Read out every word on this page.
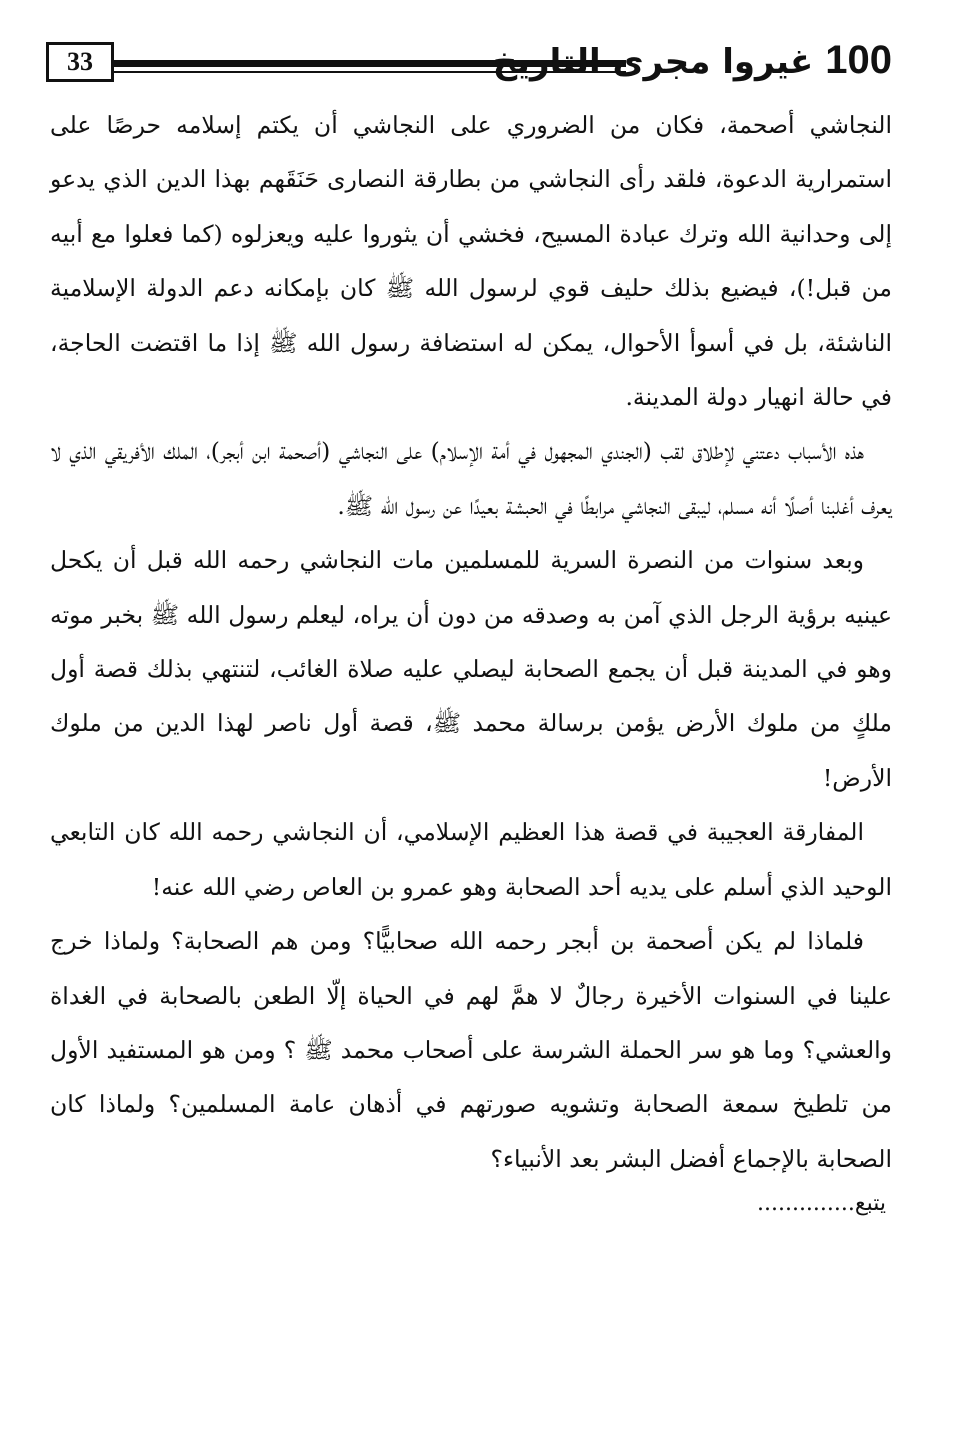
33	100غيروا مجرى التاريخ

النجاشي أصحمة، فكان من الضروري على النجاشي أن يكتم إسلامه حرصًا على استمرارية الدعوة، فلقد رأى النجاشي من بطارقة النصارى حَنَقَهم بهذا الدين الذي يدعو إلى وحدانية الله وترك عبادة المسيح، فخشي أن يثوروا عليه ويعزلوه (كما فعلوا مع أبيه من قبل!)، فيضيع بذلك حليف قوي لرسول الله ﷺ كان بإمكانه دعم الدولة الإسلامية الناشئة، بل في أسوأ الأحوال، يمكن له استضافة رسول الله ﷺ إذا ما اقتضت الحاجة، في حالة انهيار دولة المدينة.

هذه الأسباب دعتني لإطلاق لقب (الجندي المجهول في أمة الإسلام) على النجاشي (أصحمة ابن أبجر)، الملك الأفريقي الذي لا يعرف أغلبنا أصلًا أنه مسلم، ليبقى النجاشي مرابطًا في الحبشة بعيدًا عن رسول الله ﷺ.

وبعد سنوات من النصرة السرية للمسلمين مات النجاشي رحمه الله قبل أن يكحل عينيه برؤية الرجل الذي آمن به وصدقه من دون أن يراه، ليعلم رسول الله ﷺ بخبر موته وهو في المدينة قبل أن يجمع الصحابة ليصلي عليه صلاة الغائب، لتنتهي بذلك قصة أول ملكٍ من ملوك الأرض يؤمن برسالة محمد ﷺ، قصة أول ناصر لهذا الدين من ملوك الأرض!

المفارقة العجيبة في قصة هذا العظيم الإسلامي، أن النجاشي رحمه الله كان التابعي الوحيد الذي أسلم على يديه أحد الصحابة وهو عمرو بن العاص رضي الله عنه!

فلماذا لم يكن أصحمة بن أبجر رحمه الله صحابيًّا؟ ومن هم الصحابة؟ ولماذا خرج علينا في السنوات الأخيرة رجالٌ لا همَّ لهم في الحياة إلّا الطعن بالصحابة في الغداة والعشي؟ وما هو سر الحملة الشرسة على أصحاب محمد ﷺ ؟ ومن هو المستفيد الأول من تلطيخ سمعة الصحابة وتشويه صورتهم في أذهان عامة المسلمين؟ ولماذا كان الصحابة بالإجماع أفضل البشر بعد الأنبياء؟

يتبع..............
